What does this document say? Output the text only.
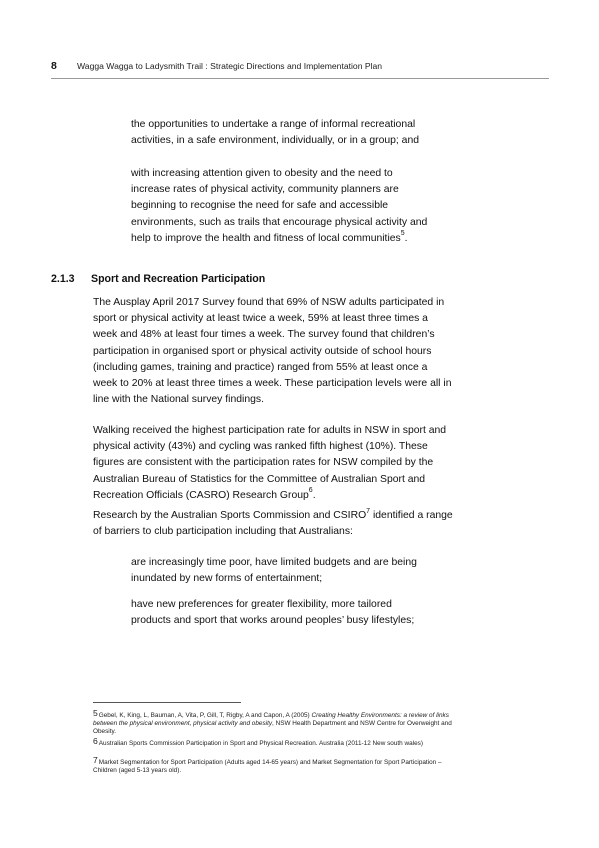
8 Wagga Wagga to Ladysmith Trail : Strategic Directions and Implementation Plan

the opportunities to undertake a range of informal recreational activities, in a safe environment, individually, or in a group; and

with increasing attention given to obesity and the need to increase rates of physical activity, community planners are beginning to recognise the need for safe and accessible environments, such as trails that encourage physical activity and help to improve the health and fitness of local communities$^5$.

2.1.3 Sport and Recreation Participation

The Ausplay April 2017 Survey found that 69% of NSW adults participated in sport or physical activity at least twice a week, 59% at least three times a week and 48% at least four times a week. The survey found that children’s participation in organised sport or physical activity outside of school hours (including games, training and practice) ranged from 55% at least once a week to 20% at least three times a week. These participation levels were all in line with the National survey findings.

Walking received the highest participation rate for adults in NSW in sport and physical activity (43%) and cycling was ranked fifth highest (10%). These figures are consistent with the participation rates for NSW compiled by the Australian Bureau of Statistics for the Committee of Australian Sport and Recreation Officials (CASRO) Research Group$^6$.

Research by the Australian Sports Commission and CSIRO$^7$ identified a range of barriers to club participation including that Australians:

are increasingly time poor, have limited budgets and are being inundated by new forms of entertainment;

have new preferences for greater flexibility, more tailored products and sport that works around peoples’ busy lifestyles;

5Gebel, K, King, L, Bauman, A, Vita, P, Gill, T, Rigby, A and Capon, A (2005) Creating Healthy Environments: a review of links between the physical environment, physical activity and obesity, NSW Health Department and NSW Centre for Overweight and Obesity.

6Australian Sports Commission Participation in Sport and Physical Recreation. Australia (2011-12 New south wales)

7Market Segmentation for Sport Participation (Adults aged 14-65 years) and Market Segmentation for Sport Participation – Children (aged 5-13 years old).
